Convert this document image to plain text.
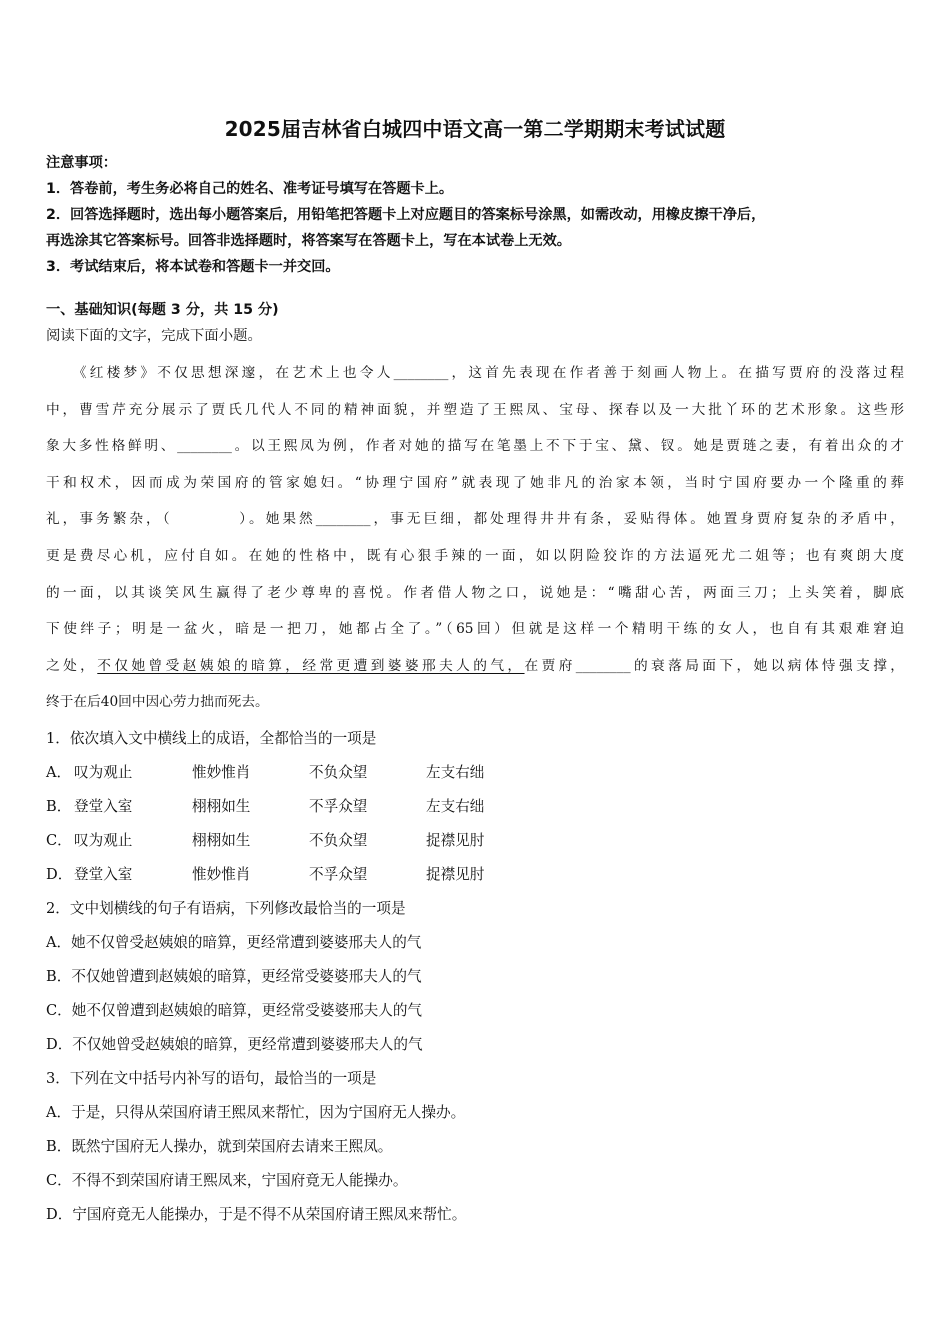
2025届吉林省白城四中语文高一第二学期期末考试试题
注意事项：
1．答卷前，考生务必将自己的姓名、准考证号填写在答题卡上。
2．回答选择题时，选出每小题答案后，用铅笔把答题卡上对应题目的答案标号涂黑，如需改动，用橡皮擦干净后，
再选涂其它答案标号。回答非选择题时，将答案写在答题卡上，写在本试卷上无效。
3．考试结束后，将本试卷和答题卡一并交回。
一、基础知识(每题 3 分，共 15 分)
阅读下面的文字，完成下面小题。
　　《红楼梦》不仅思想深邃，在艺术上也令人________，这首先表现在作者善于刻画人物上。在描写贾府的没落过程
中，曹雪芹充分展示了贾氏几代人不同的精神面貌，并塑造了王熙凤、宝母、探春以及一大批丫环的艺术形象。这些形
象大多性格鲜明、________。以王熙凤为例，作者对她的描写在笔墨上不下于宝、黛、钗。她是贾琏之妻，有着出众的才
干和权术，因而成为荣国府的管家媳妇。“协理宁国府”就表现了她非凡的治家本领，当时宁国府要办一个隆重的葬
礼，事务繁杂，（　　　　）。她果然________，事无巨细，都处理得井井有条，妥贴得体。她置身贾府复杂的矛盾中，
更是费尽心机，应付自如。在她的性格中，既有心狠手辣的一面，如以阴险狡诈的方法逼死尤二姐等；也有爽朗大度
的一面，以其谈笑风生赢得了老少尊卑的喜悦。作者借人物之口，说她是：“嘴甜心苦，两面三刀；上头笑着，脚底
下使绊子；明是一盆火，暗是一把刀，她都占全了。”（65回）但就是这样一个精明干练的女人，也自有其艰难窘迫
之处，不仅她曾受赵姨娘的暗算，经常更遭到婆婆邢夫人的气，在贾府________的衰落局面下，她以病体恃强支撑，
终于在后40回中因心劳力拙而死去。
1．依次填入文中横线上的成语，全都恰当的一项是
A． 叹为观止	惟妙惟肖	不负众望	左支右绌
B． 登堂入室	栩栩如生	不孚众望	左支右绌
C． 叹为观止	栩栩如生	不负众望	捉襟见肘
D． 登堂入室	惟妙惟肖	不孚众望	捉襟见肘
2．文中划横线的句子有语病，下列修改最恰当的一项是
A．她不仅曾受赵姨娘的暗算，更经常遭到婆婆邢夫人的气
B．不仅她曾遭到赵姨娘的暗算，更经常受婆婆邢夫人的气
C．她不仅曾遭到赵姨娘的暗算，更经常受婆婆邢夫人的气
D．不仅她曾受赵姨娘的暗算，更经常遭到婆婆邢夫人的气
3．下列在文中括号内补写的语句，最恰当的一项是
A．于是，只得从荣国府请王熙凤来帮忙，因为宁国府无人操办。
B．既然宁国府无人操办，就到荣国府去请来王熙凤。
C．不得不到荣国府请王熙凤来，宁国府竟无人能操办。
D．宁国府竟无人能操办，于是不得不从荣国府请王熙凤来帮忙。
